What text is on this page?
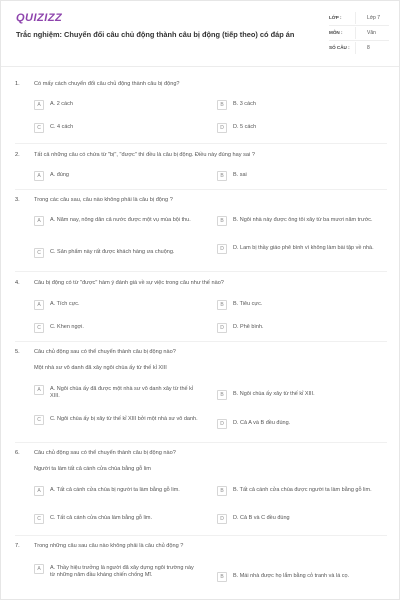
QUIZIZZ
Trắc nghiệm: Chuyển đổi câu chủ động thành câu bị động (tiếp theo) có đáp án
LỚP :	Lớp 7
MÔN :	Văn
SỐ CÂU :	8
1.	Có mấy cách chuyển đổi câu chủ động thành câu bị động?
A	A. 2 cách	B	B. 3 cách
C	C. 4 cách	D	D. 5 cách
2.	Tất cả những câu có chứa từ "bị", "được" thì đều là câu bị động. Điều này đúng hay sai ?
A	A. đúng	B	B. sai
3.	Trong các câu sau, câu nào không phải là câu bị động ?
A	A. Năm nay, nông dân cả nước được một vụ mùa bội thu.	B	B. Ngôi nhà này được ông tôi xây từ ba mươi năm trước.
C	C. Sản phẩm này rất được khách hàng ưa chuộng.	D	D. Lam bị thầy giáo phê bình vì không làm bài tập về nhà.
4.	Câu bị động có từ "được" hàm ý đánh giá về sự việc trong câu như thế nào?
A	A. Tích cực.	B	B. Tiêu cực.
C	C. Khen ngợi.	D	D. Phê bình.
5.	Câu chủ động sau có thể chuyển thành câu bị động nào?
Một nhà sư vô danh đã xây ngôi chùa ấy từ thế kỉ XIII
A	A. Ngôi chùa ấy đã được một nhà sư vô danh xây từ thế kỉ XIII.	B	B. Ngôi chùa ấy xây từ thế kỉ XIII.
C	C. Ngôi chùa ấy bị xây từ thế kỉ XIII bởi một nhà sư vô danh.
D	D. Cả A và B đều đúng.
6.	Câu chủ động sau có thể chuyển thành câu bị động nào?
Người ta làm tất cả cánh cửa chùa bằng gỗ lim
A	A. Tất cả cánh cửa chùa bị người ta làm bằng gỗ lim.	B	B. Tất cả cánh cửa chùa được người ta làm bằng gỗ lim.
C	C. Tất cả cánh cửa chùa làm bằng gỗ lim.	D	D. Cả B và C đều đúng
7.	Trong những câu sau câu nào không phải là câu chủ động ?
A	A. Thầy hiệu trưởng là người đã xây dựng ngôi trường này từ những năm đầu kháng chiến chống Mĩ.	B	B. Mái nhà được họ lắm bằng cỏ tranh và lá cọ.
